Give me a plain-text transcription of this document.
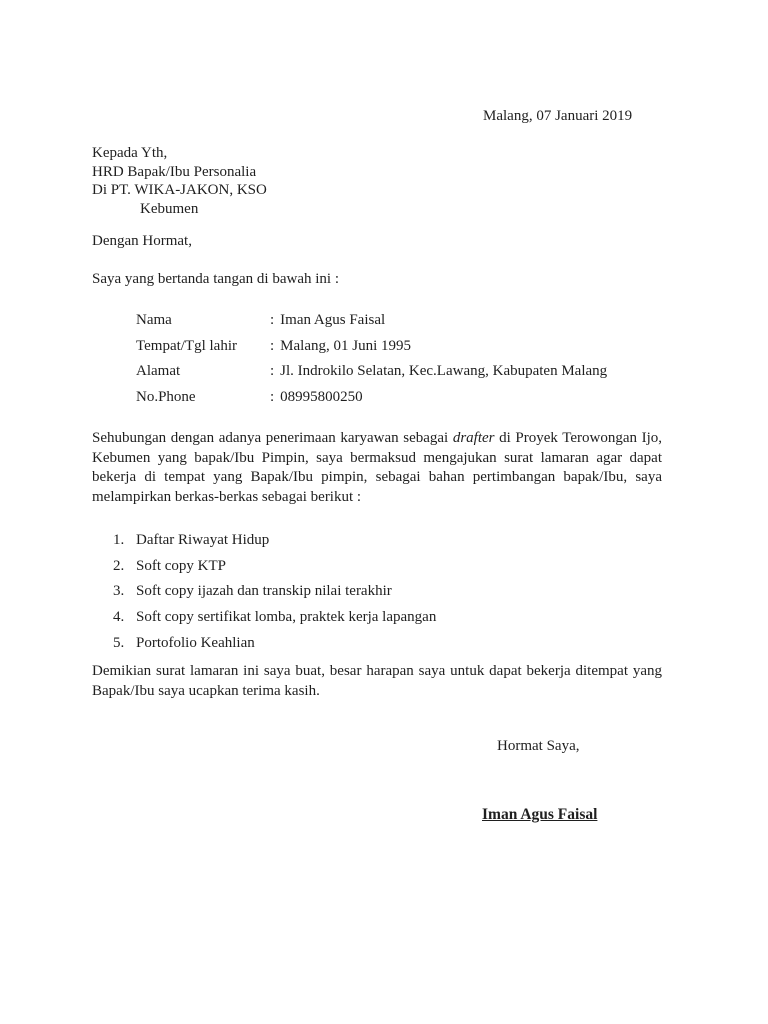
Malang, 07 Januari 2019
Kepada Yth,
HRD Bapak/Ibu Personalia
Di PT. WIKA-JAKON, KSO
Kebumen
Dengan Hormat,
Saya yang bertanda tangan di bawah ini :
Nama	: Iman Agus Faisal
Tempat/Tgl lahir	: Malang, 01 Juni 1995
Alamat	: Jl. Indrokilo Selatan, Kec.Lawang, Kabupaten Malang
No.Phone	: 08995800250
Sehubungan dengan adanya penerimaan karyawan sebagai drafter di Proyek Terowongan Ijo, Kebumen yang bapak/Ibu Pimpin, saya bermaksud mengajukan surat lamaran agar dapat bekerja di tempat yang Bapak/Ibu pimpin, sebagai bahan pertimbangan bapak/Ibu, saya melampirkan berkas-berkas sebagai berikut :
1. Daftar Riwayat Hidup
2. Soft copy KTP
3. Soft copy ijazah dan transkip nilai terakhir
4. Soft copy sertifikat lomba, praktek kerja lapangan
5. Portofolio Keahlian
Demikian surat lamaran ini saya buat, besar harapan saya untuk dapat bekerja ditempat yang Bapak/Ibu saya ucapkan terima kasih.
Hormat Saya,
Iman Agus Faisal
